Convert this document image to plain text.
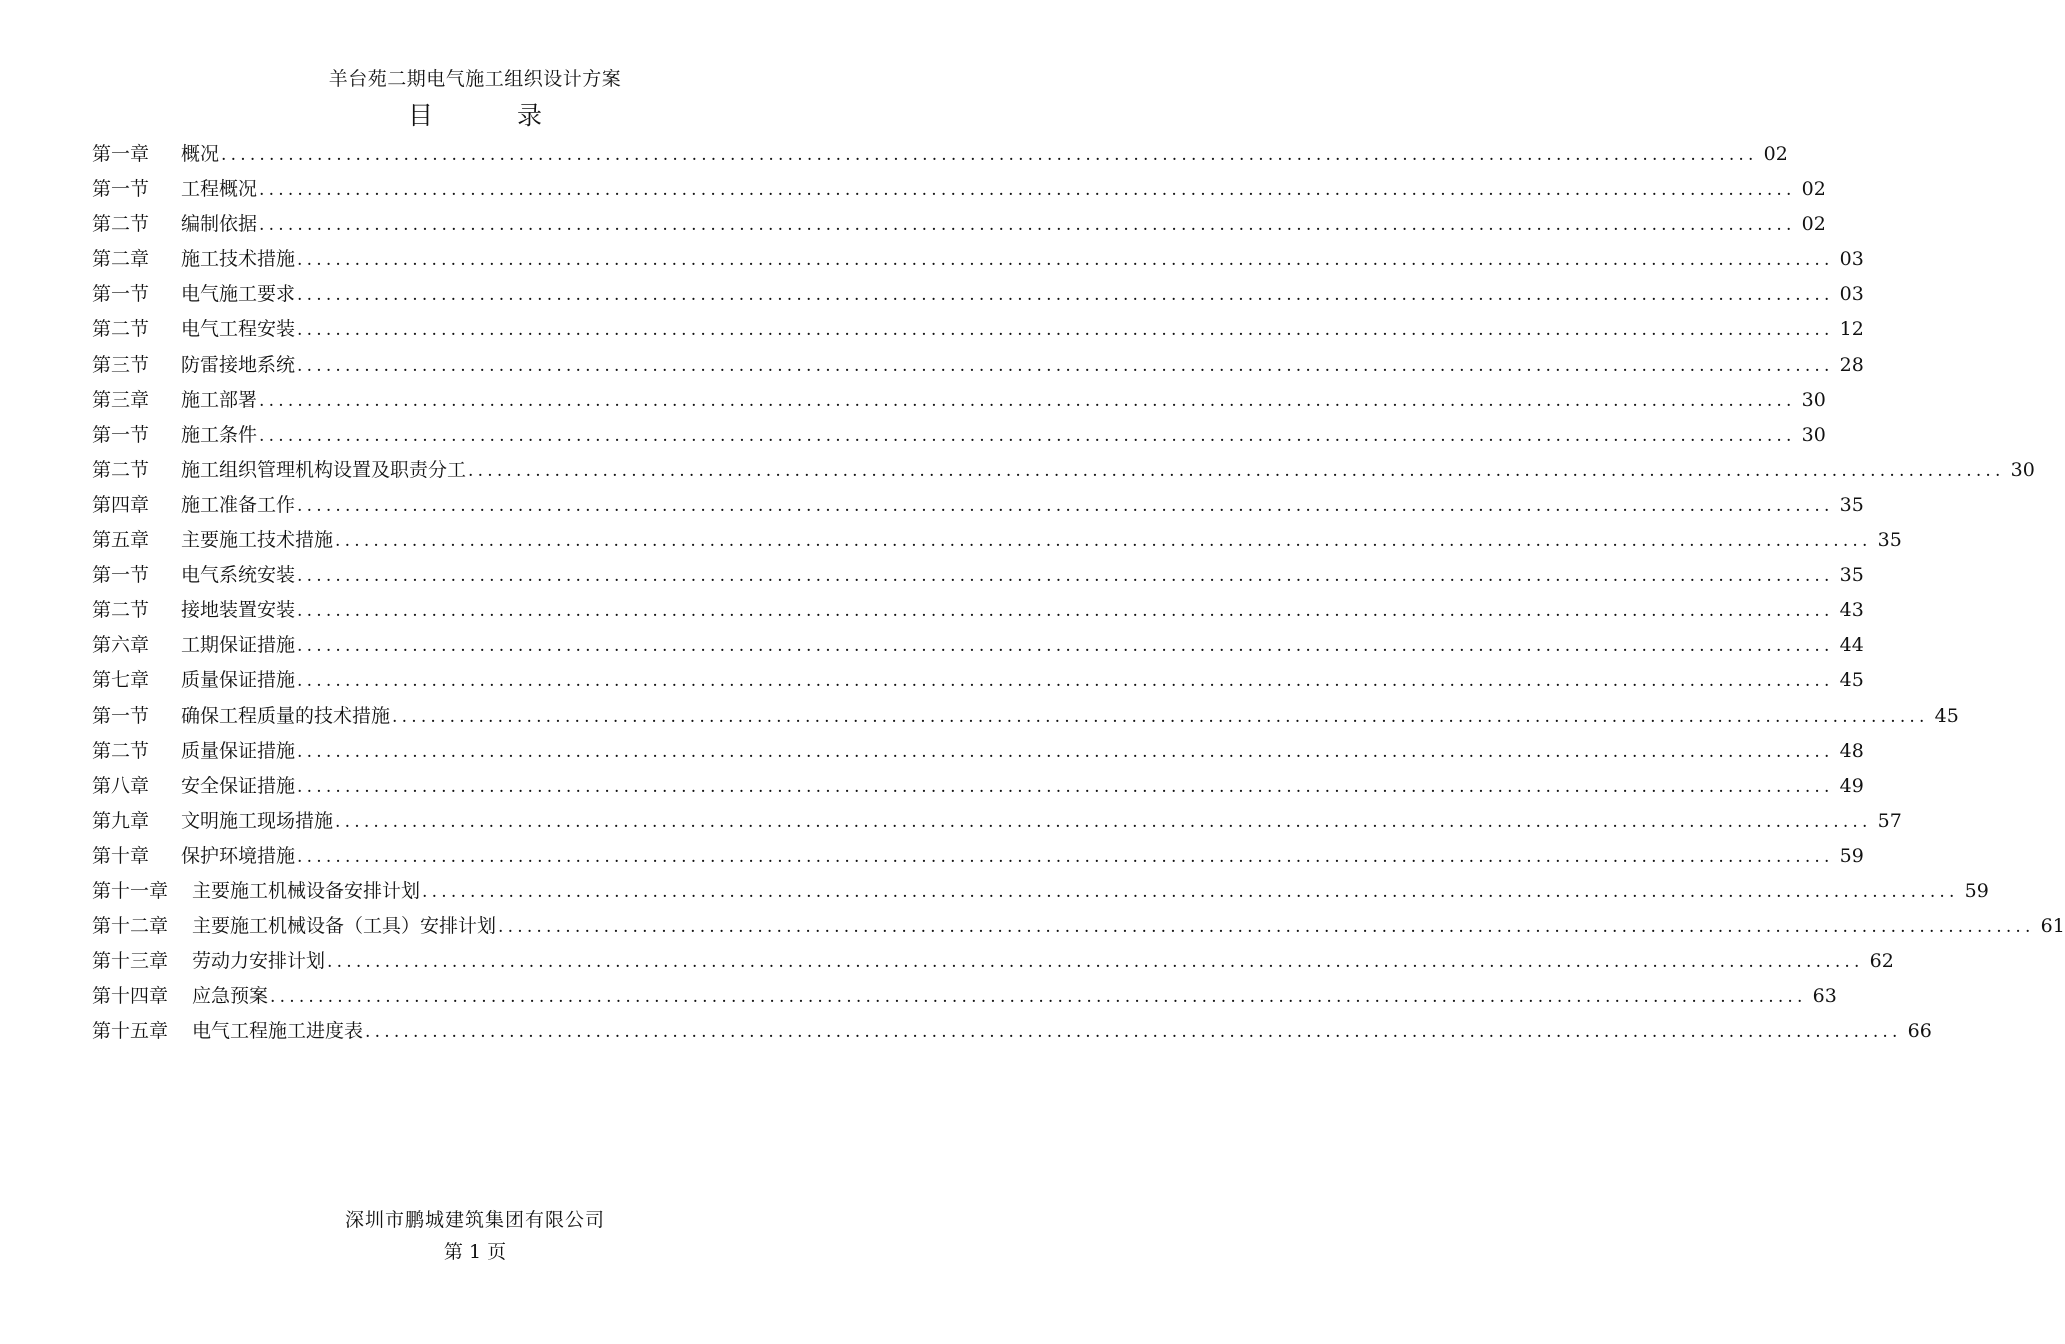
羊台苑二期电气施工组织设计方案
目 录
第一章	概况 ................................................................................................................................................................ 02
第一节	工程概况 ................................................................................................................................................................ 02
第二节	编制依据 ................................................................................................................................................................ 02
第二章	施工技术措施 ................................................................................................................................................................ 03
第一节	电气施工要求 ................................................................................................................................................................ 03
第二节	电气工程安装 ................................................................................................................................................................ 12
第三节	防雷接地系统 ................................................................................................................................................................ 28
第三章	施工部署 ................................................................................................................................................................ 30
第一节	施工条件 ................................................................................................................................................................ 30
第二节	施工组织管理机构设置及职责分工 ................................................................................................................................................................ 30
第四章	施工准备工作 ................................................................................................................................................................ 35
第五章	主要施工技术措施 ................................................................................................................................................................ 35
第一节	电气系统安装 ................................................................................................................................................................ 35
第二节	接地装置安装 ................................................................................................................................................................ 43
第六章	工期保证措施 ................................................................................................................................................................ 44
第七章	质量保证措施 ................................................................................................................................................................ 45
第一节	确保工程质量的技术措施 ................................................................................................................................................................ 45
第二节	质量保证措施 ................................................................................................................................................................ 48
第八章	安全保证措施 ................................................................................................................................................................ 49
第九章	文明施工现场措施 ................................................................................................................................................................ 57
第十章	保护环境措施 ................................................................................................................................................................ 59
第十一章	主要施工机械设备安排计划 ................................................................................................................................................................ 59
第十二章	主要施工机械设备（工具）安排计划 ................................................................................................................................................................ 61
第十三章	劳动力安排计划 ................................................................................................................................................................ 62
第十四章	应急预案 ................................................................................................................................................................ 63
第十五章	电气工程施工进度表 ................................................................................................................................................................ 66
深圳市鹏城建筑集团有限公司
第 1 页
